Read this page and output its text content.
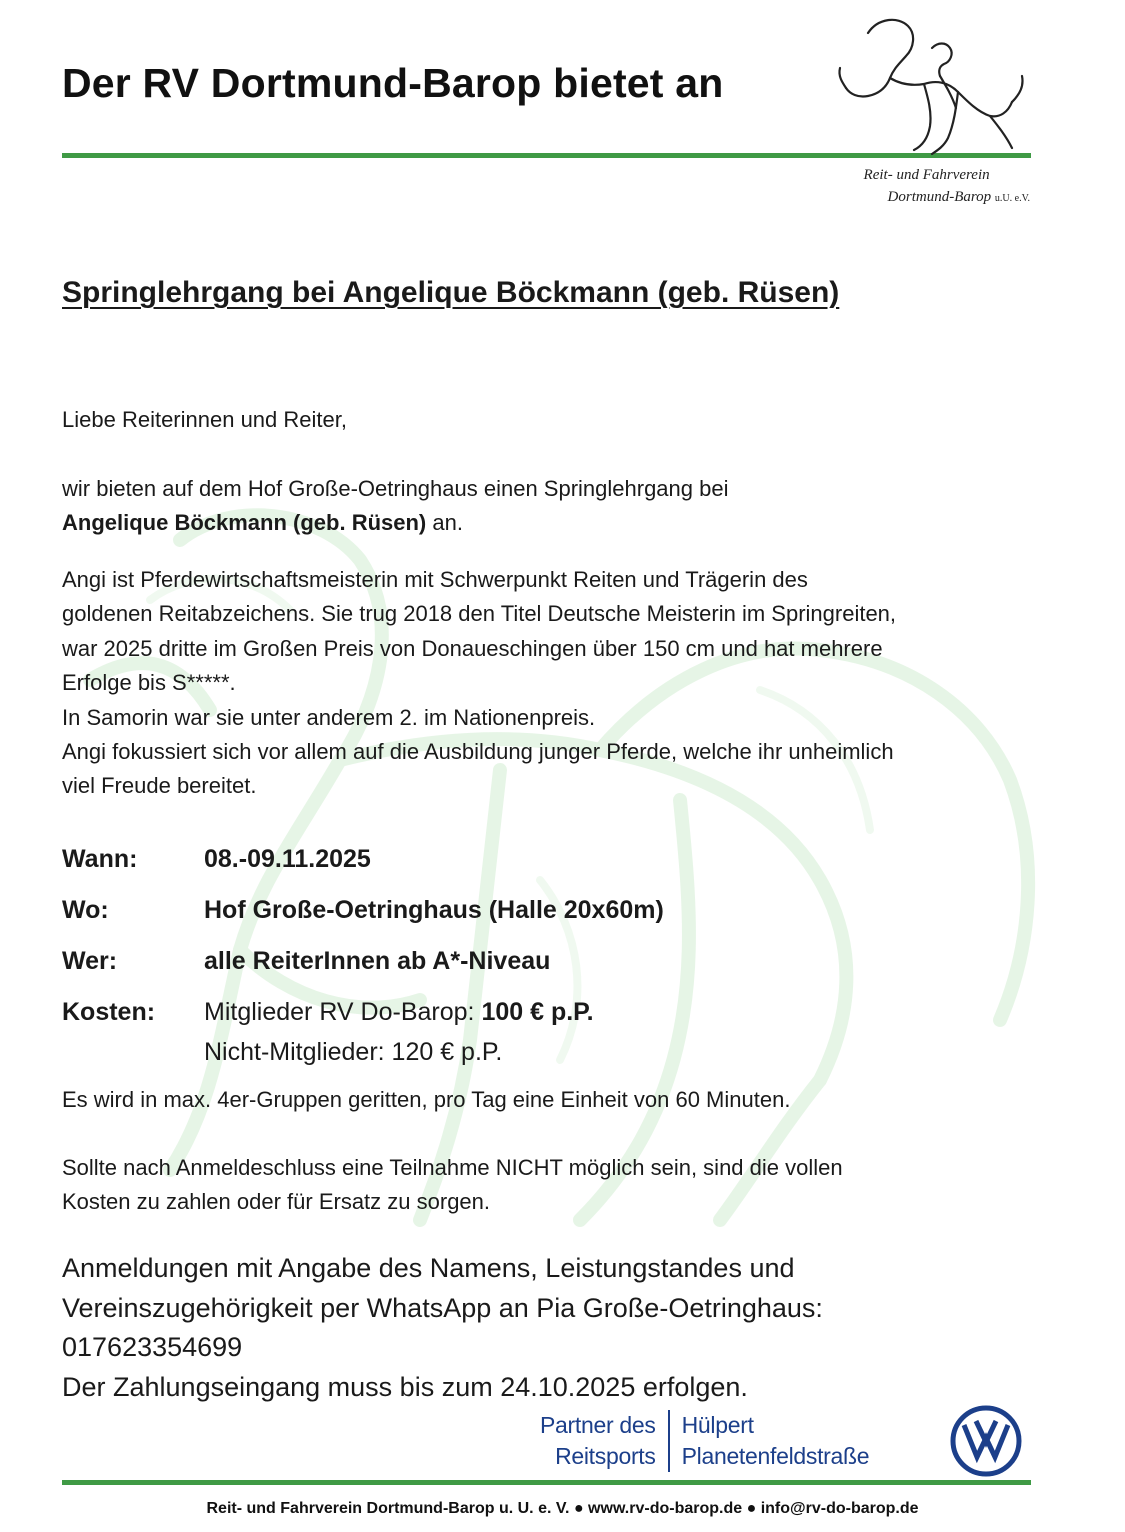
Der RV Dortmund-Barop bietet an
Reit- und Fahrverein
Dortmund-Barop u.U. e.V.
Springlehrgang bei Angelique Böckmann (geb. Rüsen)
Liebe Reiterinnen und Reiter,
wir bieten auf dem Hof Große-Oetringhaus einen Springlehrgang bei
Angelique Böckmann (geb. Rüsen) an.
Angi ist Pferdewirtschaftsmeisterin mit Schwerpunkt Reiten und Trägerin des
goldenen Reitabzeichens. Sie trug 2018 den Titel Deutsche Meisterin im Springreiten,
war 2025 dritte im Großen Preis von Donaueschingen über 150 cm und hat mehrere
Erfolge bis S*****.
In Samorin war sie unter anderem 2. im Nationenpreis.
Angi fokussiert sich vor allem auf die Ausbildung junger Pferde, welche ihr unheimlich
viel Freude bereitet.
Wann:	08.-09.11.2025
Wo:	Hof Große-Oetringhaus (Halle 20x60m)
Wer:	alle ReiterInnen ab A*-Niveau
Kosten: Mitglieder RV Do-Barop: 100 € p.P.
Nicht-Mitglieder: 120 € p.P.
Es wird in max. 4er-Gruppen geritten, pro Tag eine Einheit von 60 Minuten.
Sollte nach Anmeldeschluss eine Teilnahme NICHT möglich sein, sind die vollen
Kosten zu zahlen oder für Ersatz zu sorgen.
Anmeldungen mit Angabe des Namens, Leistungstandes und
Vereinszugehörigkeit per WhatsApp an Pia Große-Oetringhaus:
017623354699
Der Zahlungseingang muss bis zum 24.10.2025 erfolgen.
Partner des
Reitsports
Hülpert
Planetenfeldstraße
Reit- und Fahrverein Dortmund-Barop u. U. e. V. ● www.rv-do-barop.de ● info@rv-do-barop.de
